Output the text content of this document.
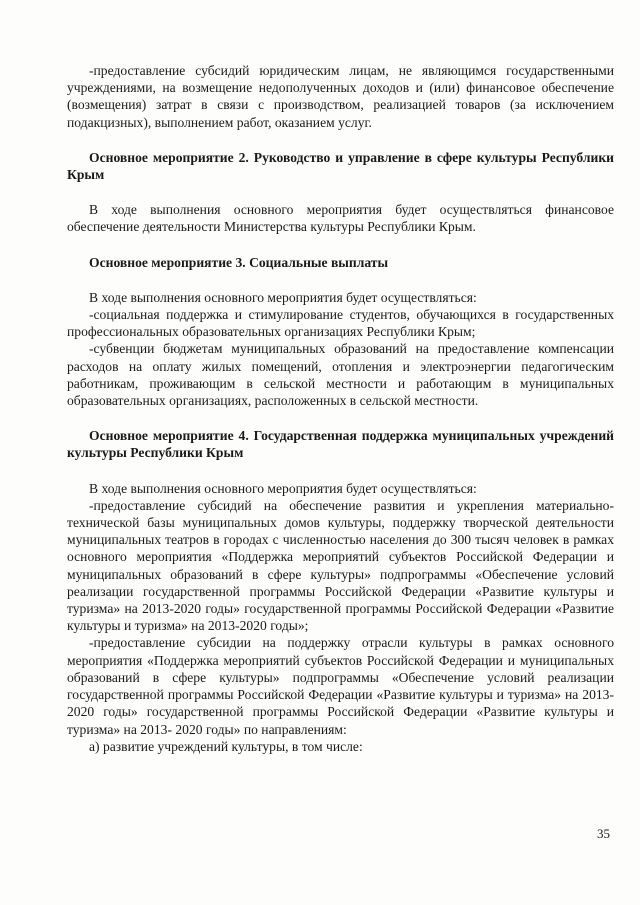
-предоставление субсидий юридическим лицам, не являющимся государственными учреждениями, на возмещение недополученных доходов и (или) финансовое обеспечение (возмещения) затрат в связи с производством, реализацией товаров (за исключением подакцизных), выполнением работ, оказанием услуг.

Основное мероприятие 2. Руководство и управление в сфере культуры Республики Крым

В ходе выполнения основного мероприятия будет осуществляться финансовое обеспечение деятельности Министерства культуры Республики Крым.

Основное мероприятие 3. Социальные выплаты

В ходе выполнения основного мероприятия будет осуществляться:

-социальная поддержка и стимулирование студентов, обучающихся в государственных профессиональных образовательных организациях Республики Крым;

-субвенции бюджетам муниципальных образований на предоставление компенсации расходов на оплату жилых помещений, отопления и электроэнергии педагогическим работникам, проживающим в сельской местности и работающим в муниципальных образовательных организациях, расположенных в сельской местности.

Основное мероприятие 4. Государственная поддержка муниципальных учреждений культуры Республики Крым

В ходе выполнения основного мероприятия будет осуществляться:

-предоставление субсидий на обеспечение развития и укрепления материально-технической базы муниципальных домов культуры, поддержку творческой деятельности муниципальных театров в городах с численностью населения до 300 тысяч человек в рамках основного мероприятия «Поддержка мероприятий субъектов Российской Федерации и муниципальных образований в сфере культуры» подпрограммы «Обеспечение условий реализации государственной программы Российской Федерации «Развитие культуры и туризма» на 2013-2020 годы» государственной программы Российской Федерации «Развитие культуры и туризма» на 2013-2020 годы»;

-предоставление субсидии на поддержку отрасли культуры в рамках основного мероприятия «Поддержка мероприятий субъектов Российской Федерации и муниципальных образований в сфере культуры» подпрограммы «Обеспечение условий реализации государственной программы Российской Федерации «Развитие культуры и туризма» на 2013-2020 годы» государственной программы Российской Федерации «Развитие культуры и туризма» на 2013- 2020 годы» по направлениям:

а) развитие учреждений культуры, в том числе:

35
